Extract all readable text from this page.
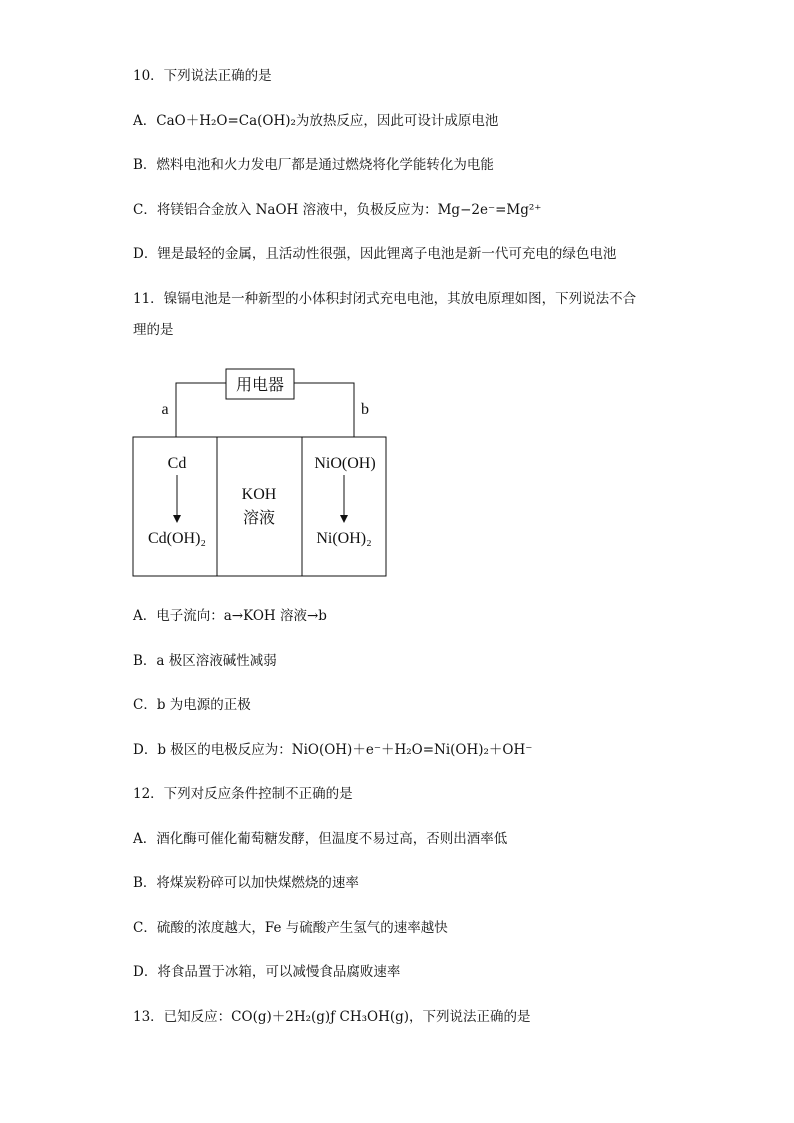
10．下列说法正确的是
A．CaO＋H₂O=Ca(OH)₂为放热反应，因此可设计成原电池
B．燃料电池和火力发电厂都是通过燃烧将化学能转化为电能
C．将镁铝合金放入 NaOH 溶液中，负极反应为：Mg−2e⁻=Mg²⁺
D．锂是最轻的金属，且活动性很强，因此锂离子电池是新一代可充电的绿色电池
11．镍镉电池是一种新型的小体积封闭式充电电池，其放电原理如图，下列说法不合
理的是
用电器
a	b
Cd
Cd(OH)₂
KOH
溶液
NiO(OH)
Ni(OH)₂
A．电子流向：a→KOH 溶液→b
B．a 极区溶液碱性减弱
C．b 为电源的正极
D．b 极区的电极反应为：NiO(OH)＋e⁻＋H₂O=Ni(OH)₂＋OH⁻
12．下列对反应条件控制不正确的是
A．酒化酶可催化葡萄糖发酵，但温度不易过高，否则出酒率低
B．将煤炭粉碎可以加快煤燃烧的速率
C．硫酸的浓度越大，Fe 与硫酸产生氢气的速率越快
D．将食品置于冰箱，可以减慢食品腐败速率
13．已知反应：CO(g)＋2H₂(g)ƒ CH₃OH(g)，下列说法正确的是
